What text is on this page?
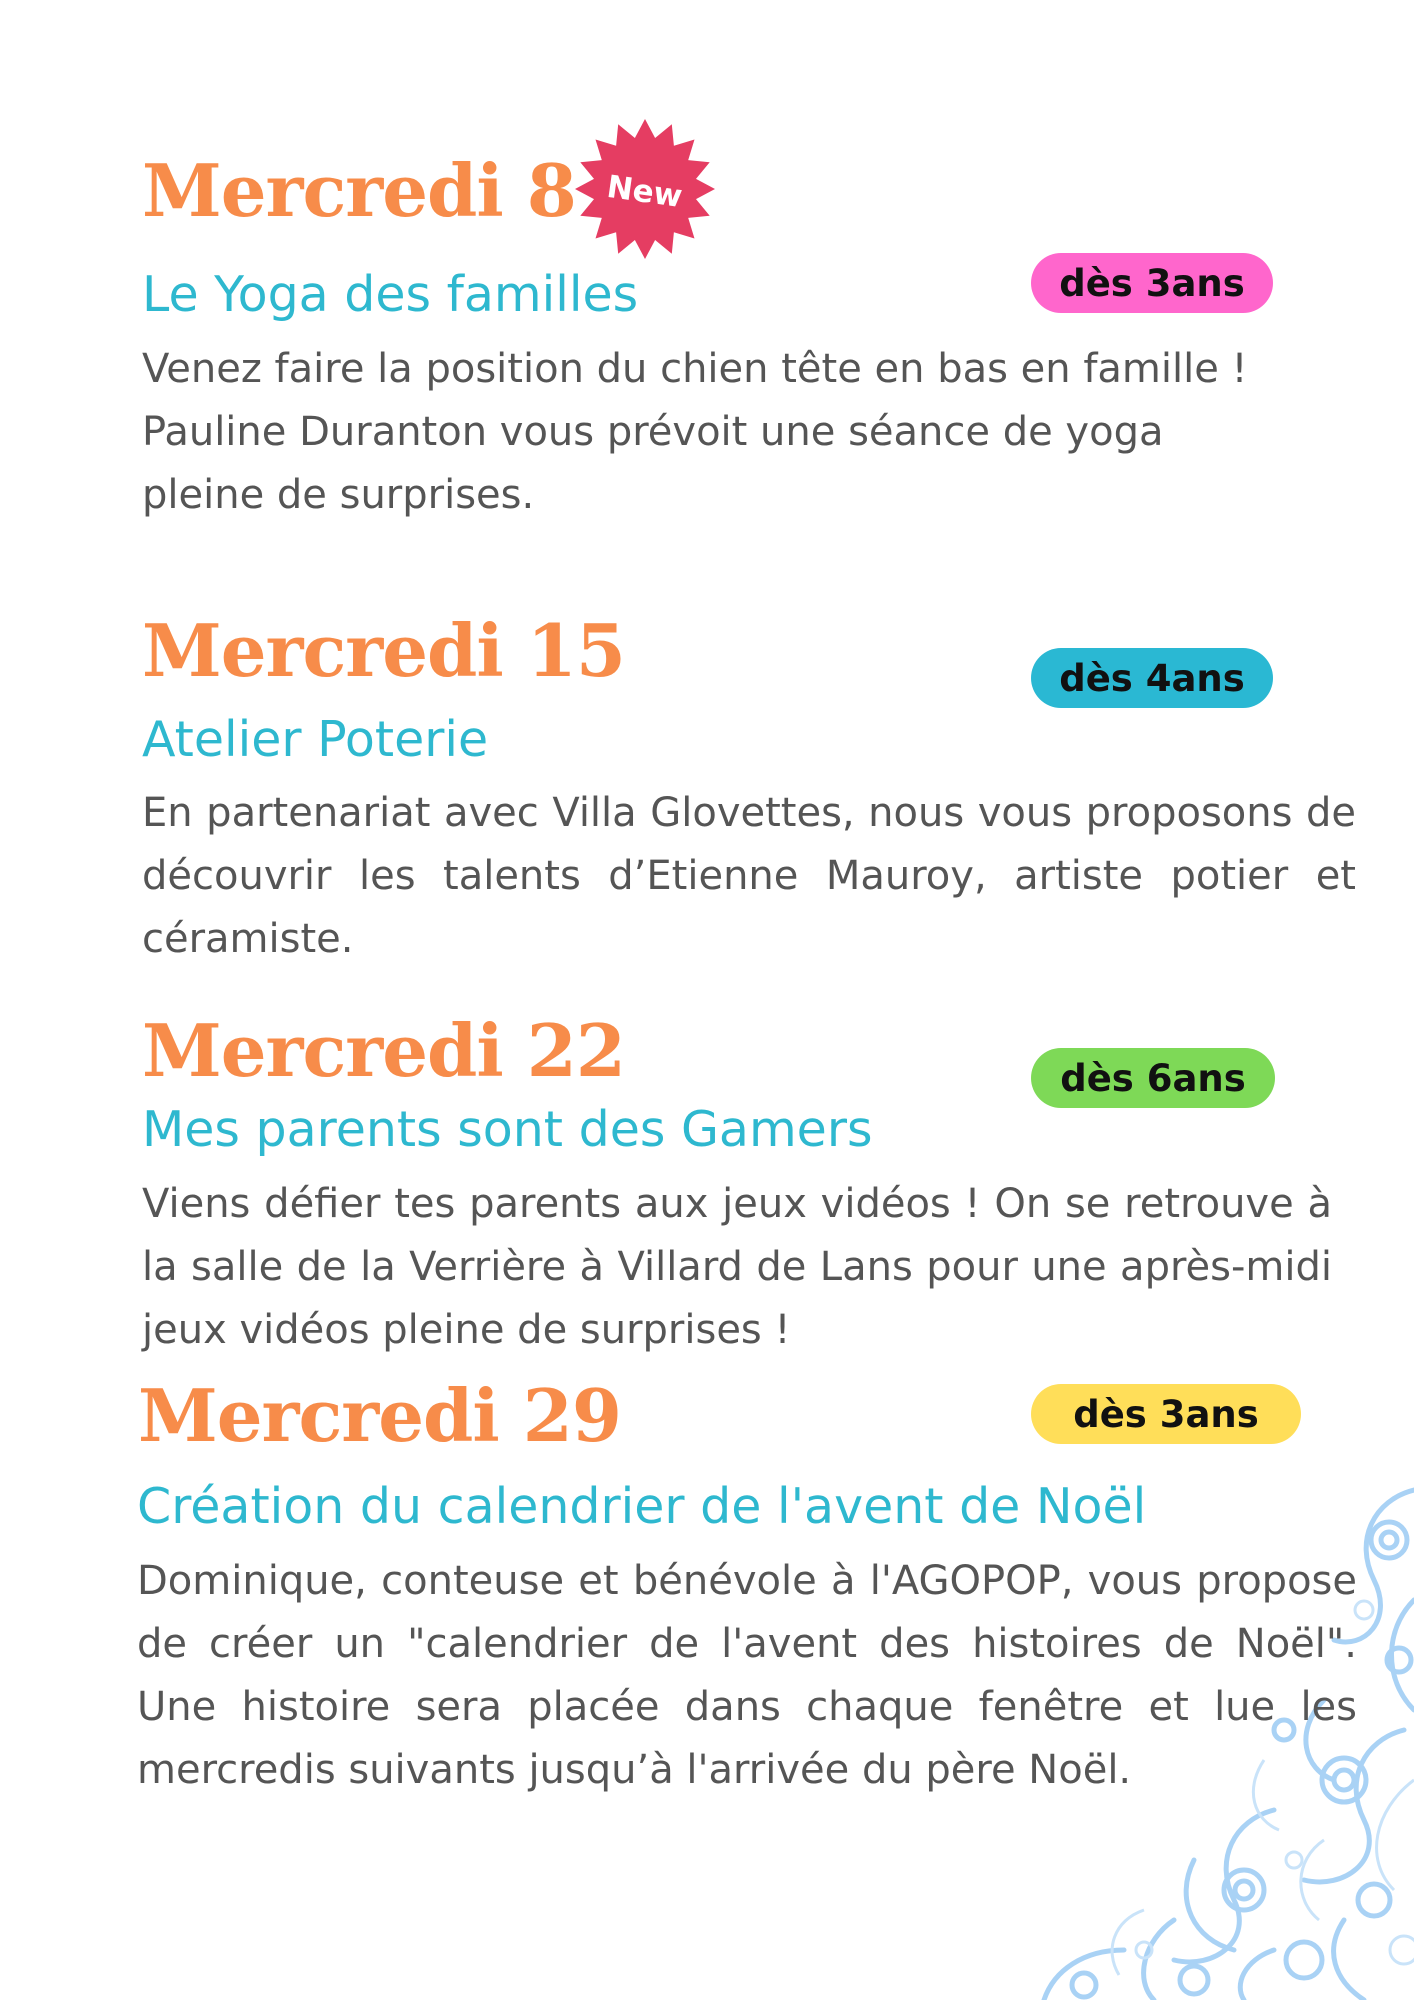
Mercredi 8 New
dès 3ans
Le Yoga des familles
Venez faire la position du chien tête en bas en famille !
Pauline Duranton vous prévoit une séance de yoga
pleine de surprises.
Mercredi 15	dès 4ans
Atelier Poterie

En partenariat avec Villa Glovettes, nous vous proposons de découvrir les talents d’Etienne Mauroy, artiste potier et céramiste.

Mercredi 22	dès 6ans
Mes parents sont des Gamers

Viens défier tes parents aux jeux vidéos ! On se retrouve à la salle de la Verrière à Villard de Lans pour une après-midi jeux vidéos pleine de surprises !

Mercredi 29	dès 3ans
Création du calendrier de l'avent de Noël

Dominique, conteuse et bénévole à l'AGOPOP, vous propose de créer un "calendrier de l'avent des histoires de Noël". Une histoire sera placée dans chaque fenêtre et lue les mercredis suivants jusqu’à l'arrivée du père Noël.
